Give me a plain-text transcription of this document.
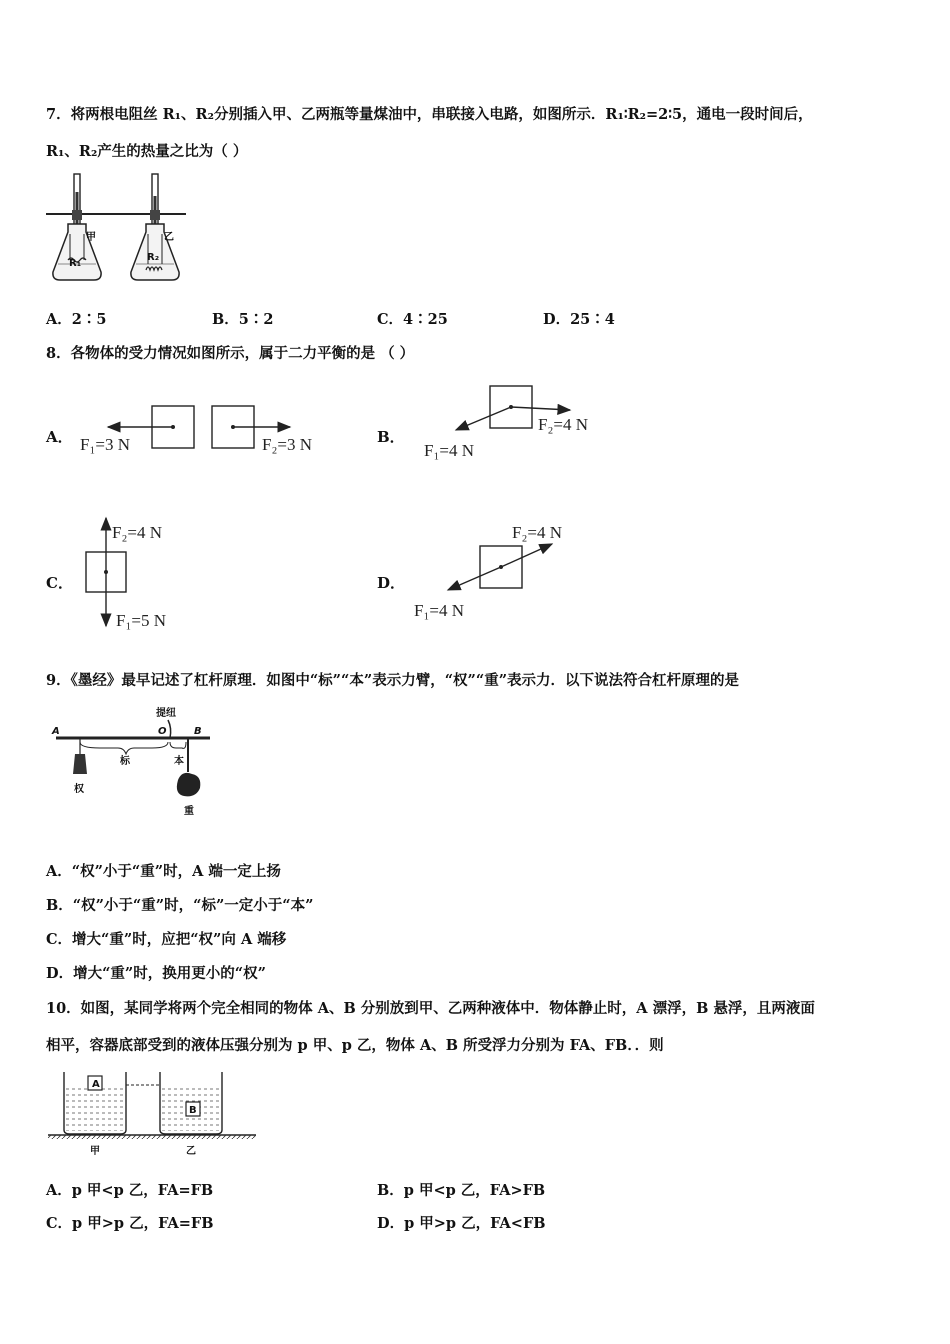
7．将两根电阻丝 R₁、R₂分别插入甲、乙两瓶等量煤油中，串联接入电路，如图所示．R₁∶R₂=2∶5，通电一段时间后，
R₁、R₂产生的热量之比为（ ）
甲
R₁
乙
R₂
A．2∶5	B．5∶2	C．4∶25	D．25∶4
8．各物体的受力情况如图所示，属于二力平衡的是 （ ）
A． F₁=3 N	F₂=3 N	B．
F₂=4 N
F₁=4 N
C．
F₂=4 N
F₁=5 N
D．
F₂=4 N
F₁=4 N
9．《墨经》最早记述了杠杆原理．如图中“标”“本”表示力臂，“权”“重”表示力．以下说法符合杠杆原理的是
A	O	B
提纽
标	本
权
重
A．“权”小于“重”时，A 端一定上扬
B．“权”小于“重”时，“标”一定小于“本”
C．增大“重”时，应把“权”向 A 端移
D．增大“重”时，换用更小的“权”
10．如图，某同学将两个完全相同的物体 A、B 分别放到甲、乙两种液体中．物体静止时，A 漂浮，B 悬浮，且两液面
相平，容器底部受到的液体压强分别为 p 甲、p 乙，物体 A、B 所受浮力分别为 FA、FB．．则
A
B
甲	乙
A．p 甲<p 乙，FA=FB	B．p 甲<p 乙，FA>FB
C．p 甲>p 乙，FA=FB	D．p 甲>p 乙，FA<FB
